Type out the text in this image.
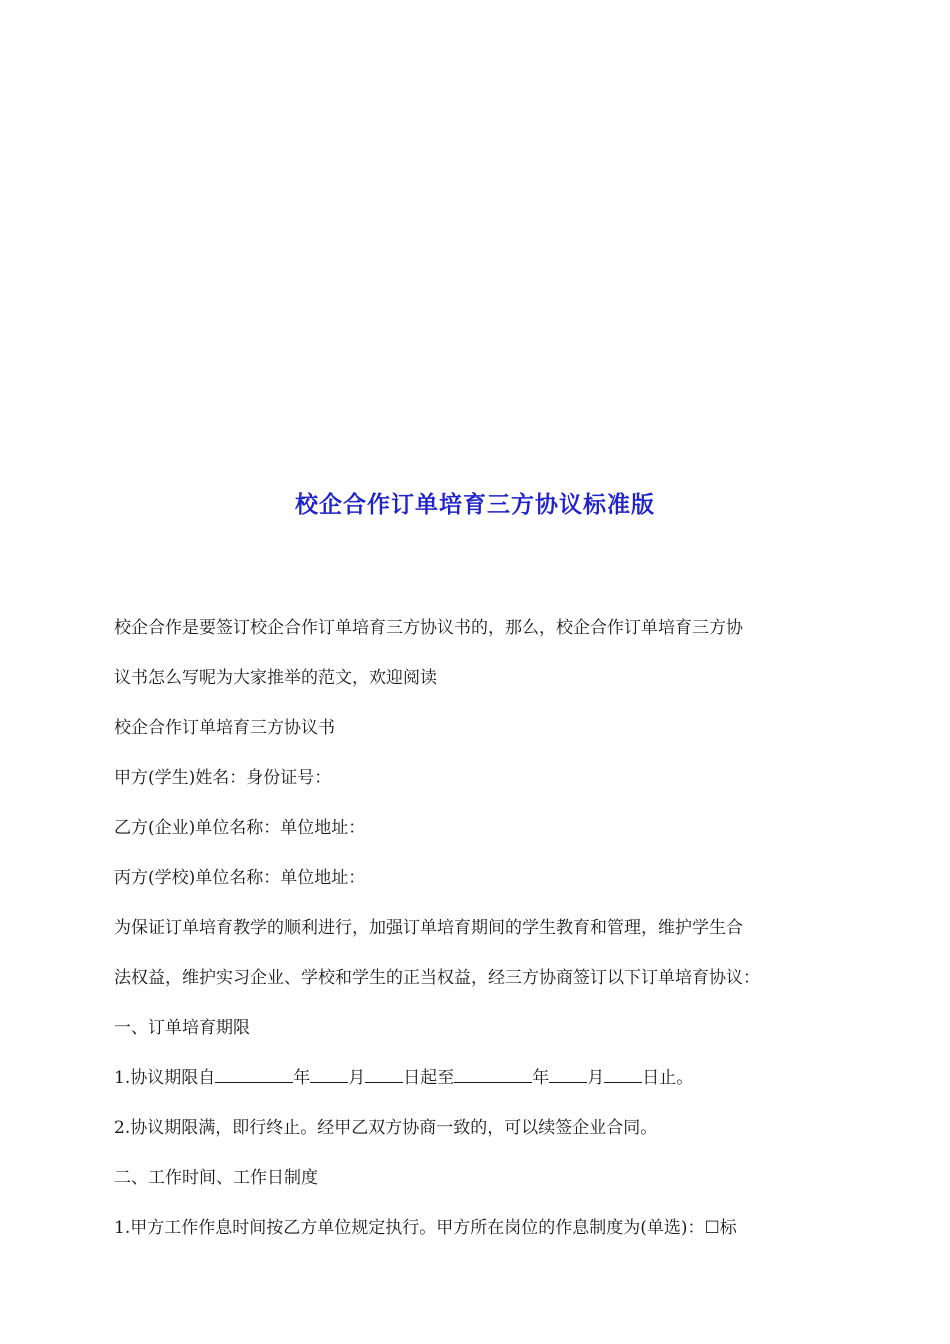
校企合作订单培育三方协议标准版

校企合作是要签订校企合作订单培育三方协议书的，那么，校企合作订单培育三方协

议书怎么写呢为大家推举的范文，欢迎阅读

校企合作订单培育三方协议书

甲方(学生)姓名：身份证号：

乙方(企业)单位名称：单位地址：

丙方(学校)单位名称：单位地址：

为保证订单培育教学的顺利进行，加强订单培育期间的学生教育和管理，维护学生合

法权益，维护实习企业、学校和学生的正当权益，经三方协商签订以下订单培育协议：

一、订单培育期限

1.协议期限自	年 月 日起至	年 月 日止。

2.协议期限满，即行终止。经甲乙双方协商一致的，可以续签企业合同。

二、工作时间、工作日制度

1.甲方工作作息时间按乙方单位规定执行。甲方所在岗位的作息制度为(单选)：☐标
